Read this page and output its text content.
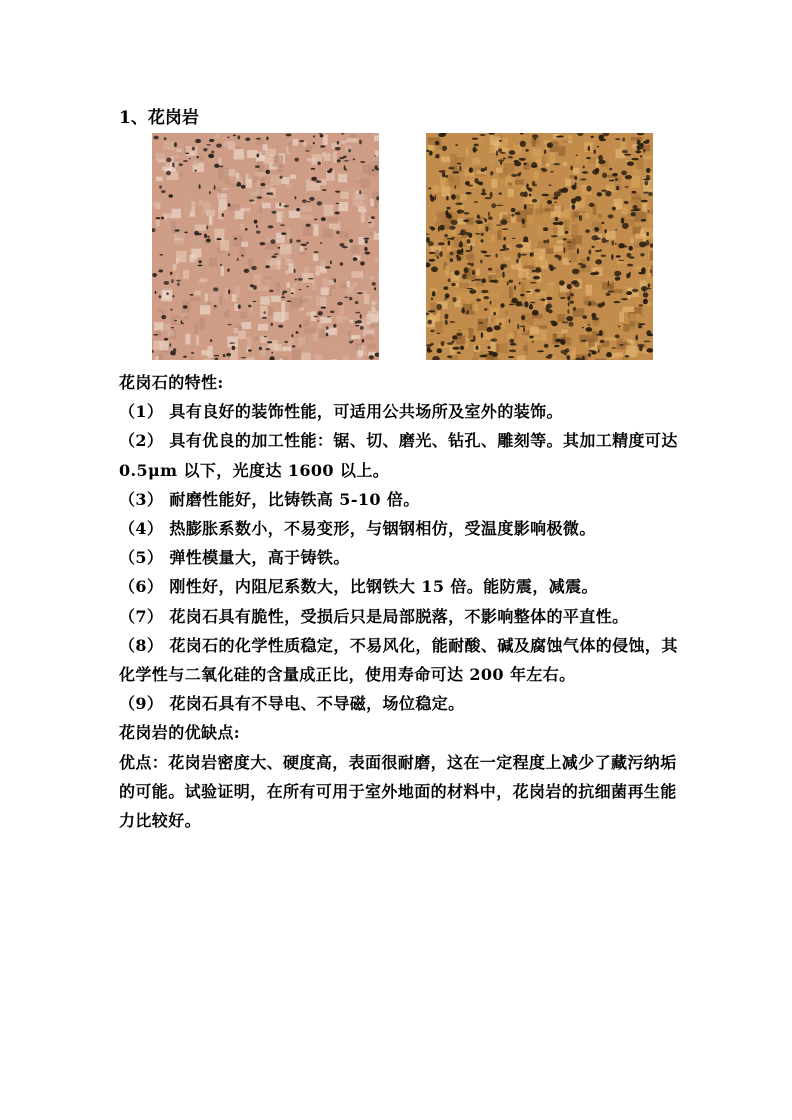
1、花岗岩

花岗石的特性:

（1） 具有良好的装饰性能，可适用公共场所及室外的装饰。

（2） 具有优良的加工性能：锯、切、磨光、钻孔、雕刻等。其加工精度可达 0.5μm 以下，光度达 1600 以上。

（3） 耐磨性能好，比铸铁高 5-10 倍。

（4） 热膨胀系数小，不易变形，与铟钢相仿，受温度影响极微。

（5） 弹性模量大，高于铸铁。

（6） 刚性好，内阻尼系数大，比钢铁大 15 倍。能防震，减震。

（7） 花岗石具有脆性，受损后只是局部脱落，不影响整体的平直性。

（8） 花岗石的化学性质稳定，不易风化，能耐酸、碱及腐蚀气体的侵蚀，其化学性与二氧化硅的含量成正比，使用寿命可达 200 年左右。

（9） 花岗石具有不导电、不导磁，场位稳定。

花岗岩的优缺点:

优点：花岗岩密度大、硬度高，表面很耐磨，这在一定程度上减少了藏污纳垢的可能。试验证明，在所有可用于室外地面的材料中，花岗岩的抗细菌再生能力比较好。
